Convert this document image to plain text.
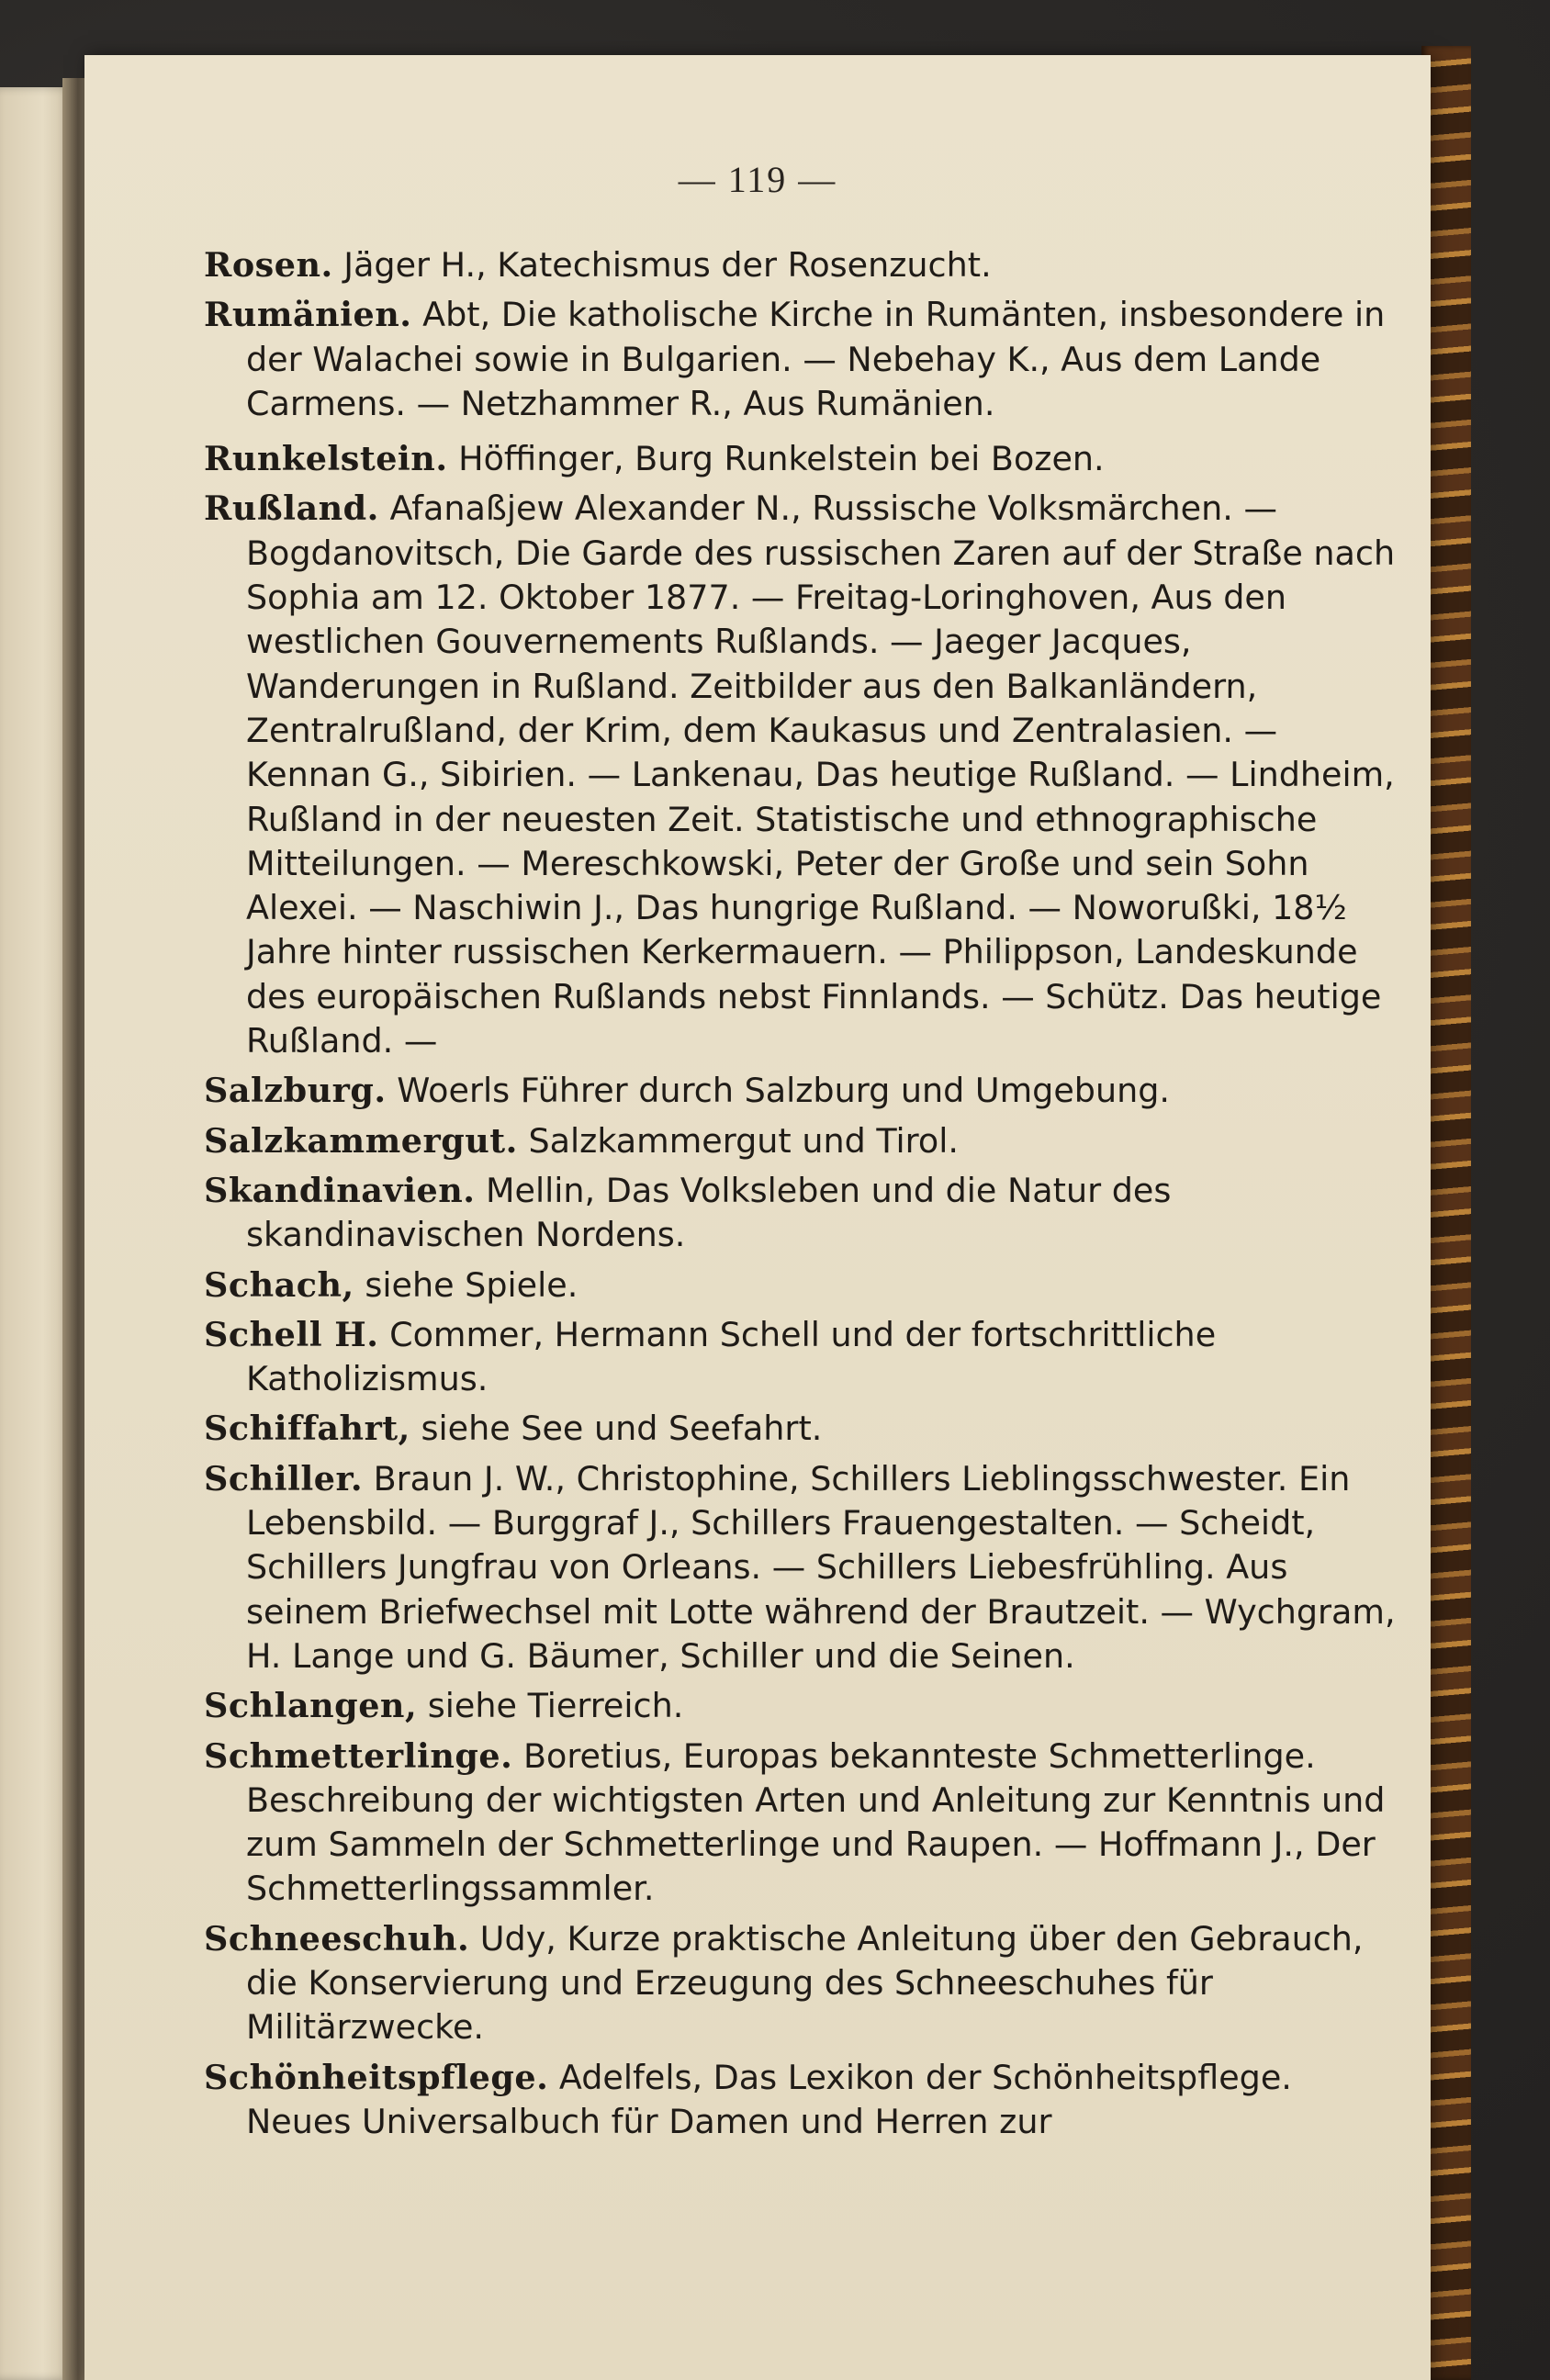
— 119 —

Rosen. Jäger H., Katechismus der Rosenzucht.

Rumänien. Abt, Die katholische Kirche in Rumänten, insbesondere in der Walachei sowie in Bulgarien. — Nebehay K., Aus dem Lande Carmens. — Netzhammer R., Aus Rumänien.

Runkelstein. Höffinger, Burg Runkelstein bei Bozen.

Rußland. Afanaßjew Alexander N., Russische Volksmärchen. — Bogdanovitsch, Die Garde des russischen Zaren auf der Straße nach Sophia am 12. Oktober 1877. — Freitag-Loringhoven, Aus den westlichen Gouvernements Rußlands. — Jaeger Jacques, Wanderungen in Rußland. Zeitbilder aus den Balkanländern, Zentralrußland, der Krim, dem Kaukasus und Zentralasien. — Kennan G., Sibirien. — Lankenau, Das heutige Rußland. — Lindheim, Rußland in der neuesten Zeit. Statistische und ethnographische Mitteilungen. — Mereschkowski, Peter der Große und sein Sohn Alexei. — Naschiwin J., Das hungrige Rußland. — Noworußki, 18½ Jahre hinter russischen Kerkermauern. — Philippson, Landeskunde des europäischen Rußlands nebst Finnlands. — Schütz. Das heutige Rußland. —

Salzburg. Woerls Führer durch Salzburg und Umgebung.

Salzkammergut. Salzkammergut und Tirol.

Skandinavien. Mellin, Das Volksleben und die Natur des skandinavischen Nordens.

Schach, siehe Spiele.

Schell H. Commer, Hermann Schell und der fortschrittliche Katholizismus.

Schiffahrt, siehe See und Seefahrt.

Schiller. Braun J. W., Christophine, Schillers Lieblingsschwester. Ein Lebensbild. — Burggraf J., Schillers Frauengestalten. — Scheidt, Schillers Jungfrau von Orleans. — Schillers Liebesfrühling. Aus seinem Briefwechsel mit Lotte während der Brautzeit. — Wychgram, H. Lange und G. Bäumer, Schiller und die Seinen.

Schlangen, siehe Tierreich.

Schmetterlinge. Boretius, Europas bekannteste Schmetterlinge. Beschreibung der wichtigsten Arten und Anleitung zur Kenntnis und zum Sammeln der Schmetterlinge und Raupen. — Hoffmann J., Der Schmetterlingssammler.

Schneeschuh. Udy, Kurze praktische Anleitung über den Gebrauch, die Konservierung und Erzeugung des Schneeschuhes für Militärzwecke.

Schönheitspflege. Adelfels, Das Lexikon der Schönheitspflege. Neues Universalbuch für Damen und Herren zur
